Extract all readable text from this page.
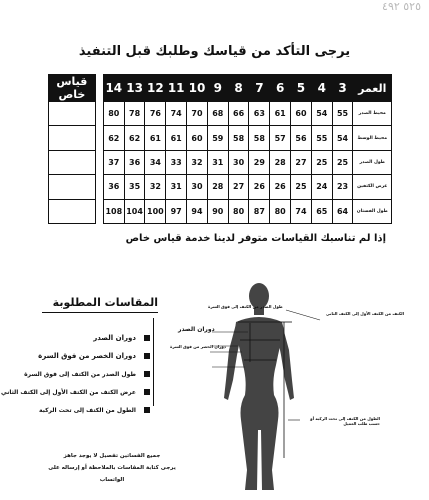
٥٢٥ ٤٩٢
يرجى التأكد من قياسك وطلبك قبل التنفيذ
العمر	3	4	5	6	7	8	9	10	11	12	13	14		قياس خاص
محيط الصدر	55	54	60	61	63	66	68	70	74	76	78	80		
محيط الوسط	54	55	56	57	58	58	59	60	61	61	62	62		
طول الصدر	25	25	27	28	29	30	31	32	33	34	36	37		
عرض الكتفين	23	24	25	26	26	27	28	30	31	32	35	36		
طول الفستان	64	65	74	80	87	80	90	94	97	100	104	108		
إذا لم تناسبك القياسات متوفر لدينا خدمة قياس خاص
المقاسات المطلوبة
دوران الصدر
دوران الخصر من فوق السرة
طول الصدر من الكتف إلى فوق السرة
عرض الكتف من الكتف الأول إلى الكتف الثاني
الطول من الكتف إلى تحت الركبة
طول الصدر من الكتف إلى فوق السرة
دوران الصدر
دوران الخصر من فوق السرة
الكتف من الكتف الأول إلى الكتف الثاني
الطول من الكتف إلى تحت الركبة أو حسب طلب العميل
جميع الفساتين تفصيل لا يوجد جاهز
يرجى كتابة المقاسات بالملاحظة أو إرساله على الواتساب
